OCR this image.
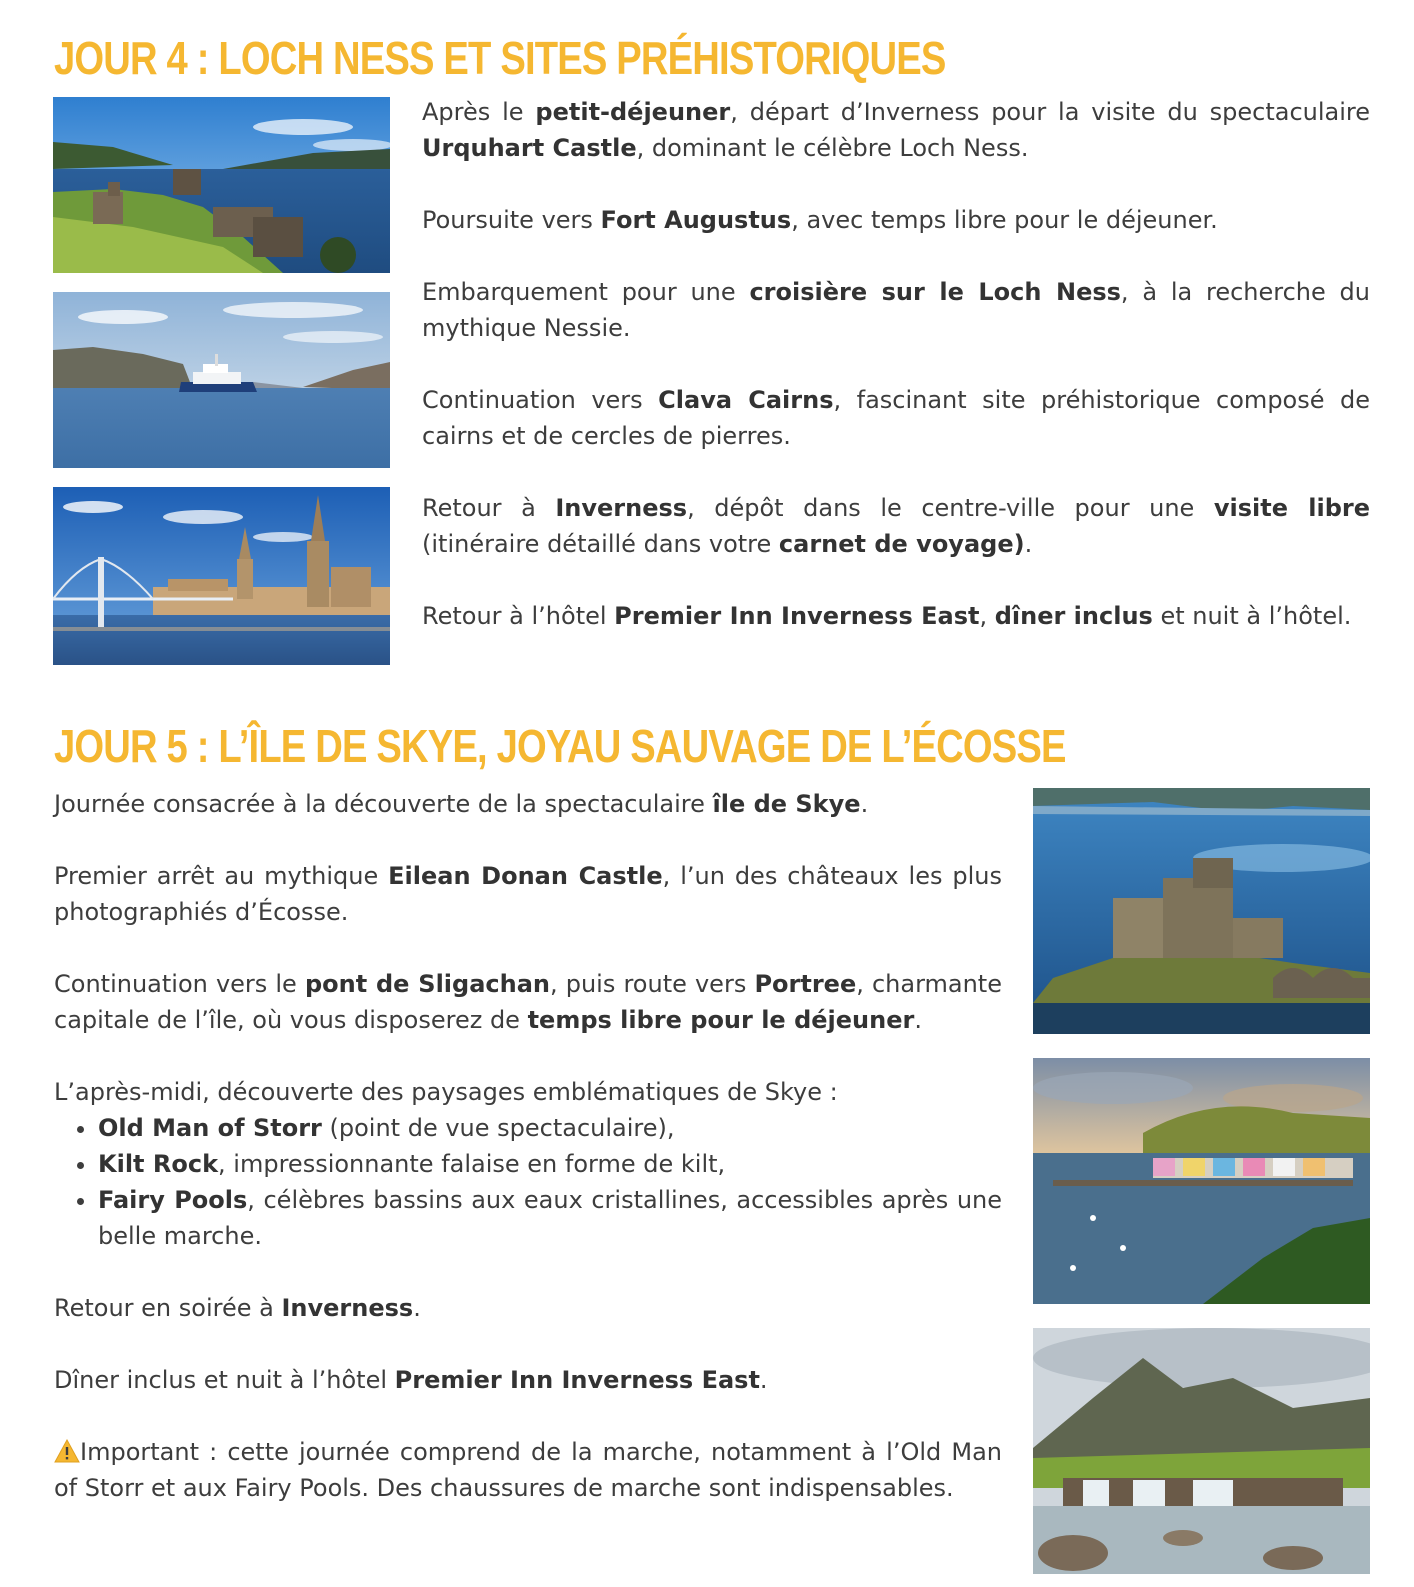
JOUR 4 : LOCH NESS ET SITES PRÉHISTORIQUES

Après le petit-déjeuner, départ d’Inverness pour la visite du spectaculaire Urquhart Castle, dominant le célèbre Loch Ness.

Poursuite vers Fort Augustus, avec temps libre pour le déjeuner.

Embarquement pour une croisière sur le Loch Ness, à la recherche du mythique Nessie.

Continuation vers Clava Cairns, fascinant site préhistorique composé de cairns et de cercles de pierres.

Retour à Inverness, dépôt dans le centre-ville pour une visite libre (itinéraire détaillé dans votre carnet de voyage).

Retour à l’hôtel Premier Inn Inverness East, dîner inclus et nuit à l’hôtel.

JOUR 5 : L’ÎLE DE SKYE, JOYAU SAUVAGE DE L’ÉCOSSE

Journée consacrée à la découverte de la spectaculaire île de Skye.

Premier arrêt au mythique Eilean Donan Castle, l’un des châteaux les plus photographiés d’Écosse.

Continuation vers le pont de Sligachan, puis route vers Portree, charmante capitale de l’île, où vous disposerez de temps libre pour le déjeuner.

L’après-midi, découverte des paysages emblématiques de Skye :
• Old Man of Storr (point de vue spectaculaire),
• Kilt Rock, impressionnante falaise en forme de kilt,
• Fairy Pools, célèbres bassins aux eaux cristallines, accessibles après une belle marche.

Retour en soirée à Inverness.

Dîner inclus et nuit à l’hôtel Premier Inn Inverness East.

Important : cette journée comprend de la marche, notamment à l’Old Man of Storr et aux Fairy Pools. Des chaussures de marche sont indispensables.
